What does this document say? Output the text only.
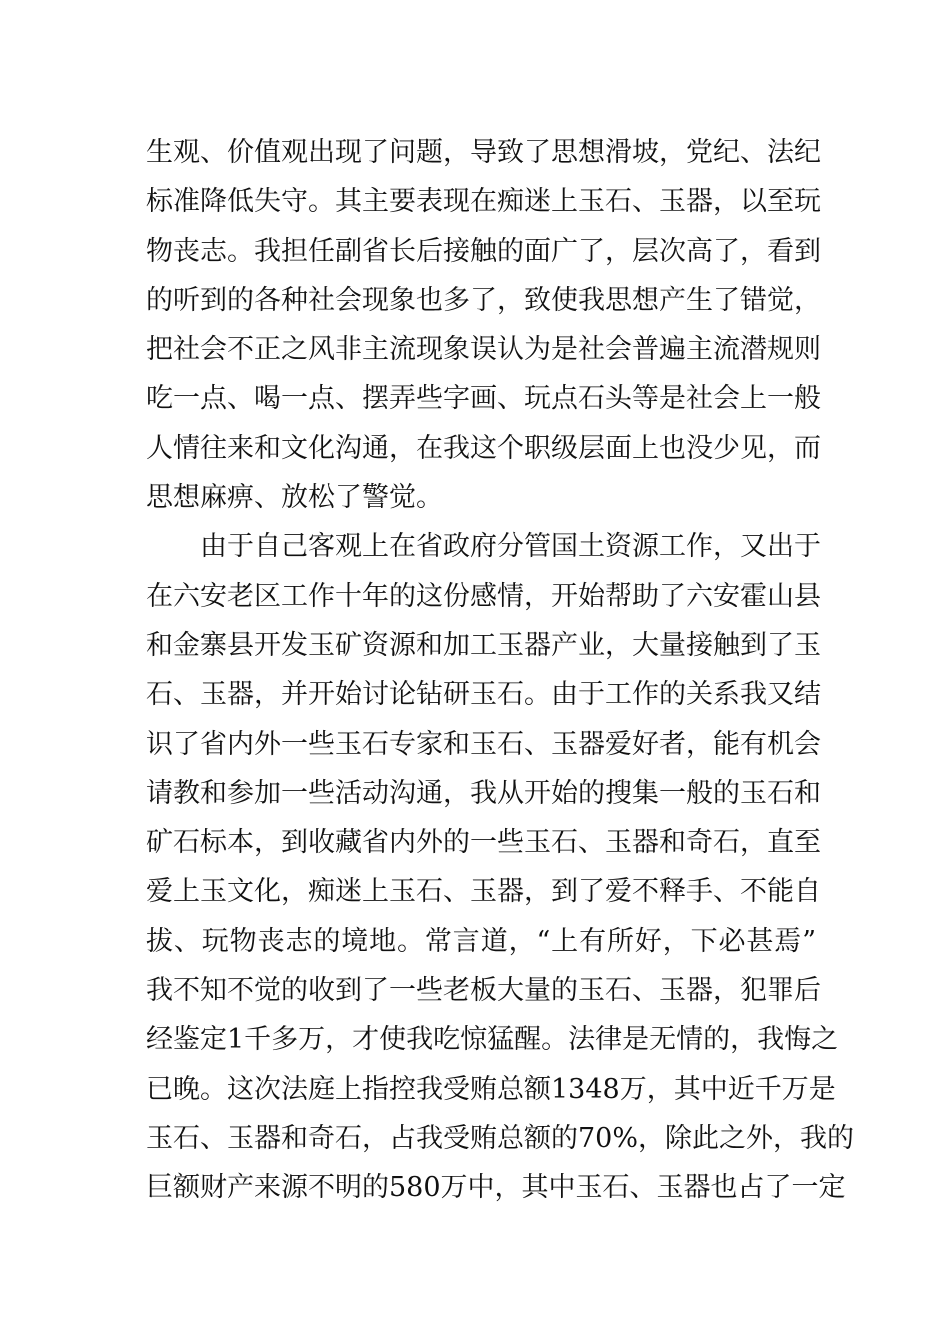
生观、价值观出现了问题，导致了思想滑坡，党纪、法纪
标准降低失守。其主要表现在痴迷上玉石、玉器，以至玩
物丧志。我担任副省长后接触的面广了，层次高了，看到
的听到的各种社会现象也多了，致使我思想产生了错觉，
把社会不正之风非主流现象误认为是社会普遍主流潜规则
吃一点、喝一点、摆弄些字画、玩点石头等是社会上一般
人情往来和文化沟通，在我这个职级层面上也没少见，而
思想麻痹、放松了警觉。
由于自己客观上在省政府分管国土资源工作，又出于
在六安老区工作十年的这份感情，开始帮助了六安霍山县
和金寨县开发玉矿资源和加工玉器产业，大量接触到了玉
石、玉器，并开始讨论钻研玉石。由于工作的关系我又结
识了省内外一些玉石专家和玉石、玉器爱好者，能有机会
请教和参加一些活动沟通，我从开始的搜集一般的玉石和
矿石标本，到收藏省内外的一些玉石、玉器和奇石，直至
爱上玉文化，痴迷上玉石、玉器，到了爱不释手、不能自
拔、玩物丧志的境地。常言道，“上有所好，下必甚焉”
我不知不觉的收到了一些老板大量的玉石、玉器，犯罪后
经鉴定1千多万，才使我吃惊猛醒。法律是无情的，我悔之
已晚。这次法庭上指控我受贿总额1348万，其中近千万是
玉石、玉器和奇石，占我受贿总额的70%，除此之外，我的
巨额财产来源不明的580万中，其中玉石、玉器也占了一定
